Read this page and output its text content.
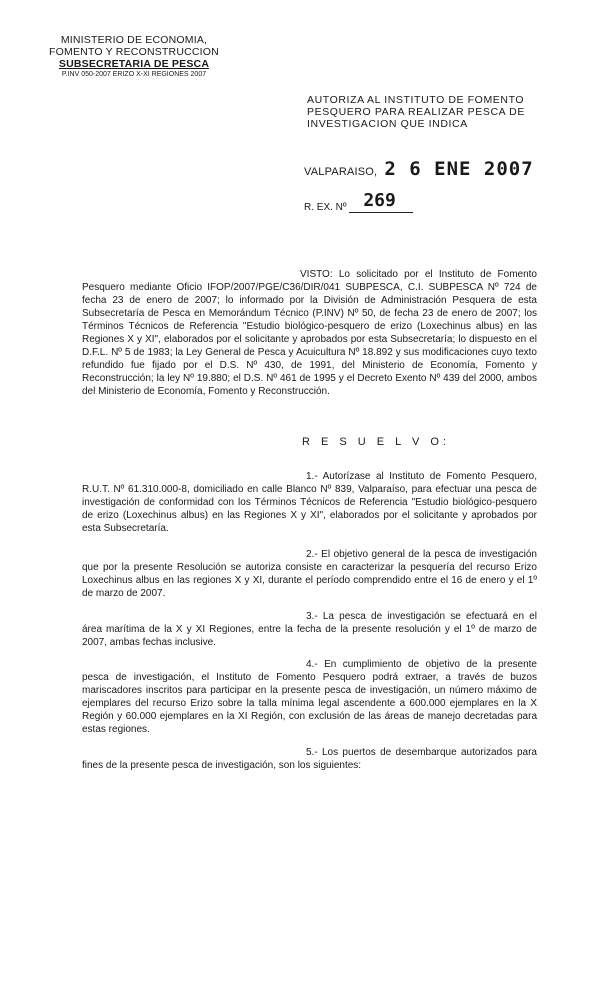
MINISTERIO DE ECONOMIA,
FOMENTO Y RECONSTRUCCION
SUBSECRETARIA DE PESCA
P.INV 050-2007 ERIZO X-XI REGIONES 2007
AUTORIZA AL INSTITUTO DE FOMENTO PESQUERO PARA REALIZAR PESCA DE INVESTIGACION QUE INDICA
VALPARAISO, 2 6 ENE 2007
R. EX. Nº 269
VISTO: Lo solicitado por el Instituto de Fomento Pesquero mediante Oficio IFOP/2007/PGE/C36/DIR/041 SUBPESCA, C.I. SUBPESCA Nº 724 de fecha 23 de enero de 2007; lo informado por la División de Administración Pesquera de esta Subsecretaría de Pesca en Memorándum Técnico (P.INV) Nº 50, de fecha 23 de enero de 2007; los Términos Técnicos de Referencia "Estudio biológico-pesquero de erizo (Loxechinus albus) en las Regiones X y XI", elaborados por el solicitante y aprobados por esta Subsecretaría; lo dispuesto en el D.F.L. Nº 5 de 1983; la Ley General de Pesca y Acuicultura Nº 18.892 y sus modificaciones cuyo texto refundido fue fijado por el D.S. Nº 430, de 1991, del Ministerio de Economía, Fomento y Reconstrucción; la ley Nº 19.880; el D.S. Nº 461 de 1995 y el Decreto Exento Nº 439 del 2000, ambos del Ministerio de Economía, Fomento y Reconstrucción.
R E S U E L V O:
1.- Autorízase al Instituto de Fomento Pesquero, R.U.T. Nº 61.310.000-8, domiciliado en calle Blanco Nº 839, Valparaíso, para efectuar una pesca de investigación de conformidad con los Términos Técnicos de Referencia "Estudio biológico-pesquero de erizo (Loxechinus albus) en las Regiones X y XI", elaborados por el solicitante y aprobados por esta Subsecretaría.
2.- El objetivo general de la pesca de investigación que por la presente Resolución se autoriza consiste en caracterizar la pesquería del recurso Erizo Loxechinus albus en las regiones X y XI, durante el período comprendido entre el 16 de enero y el 1º de marzo de 2007.
3.- La pesca de investigación se efectuará en el área marítima de la X y XI Regiones, entre la fecha de la presente resolución y el 1º de marzo de 2007, ambas fechas inclusive.
4.- En cumplimiento de objetivo de la presente pesca de investigación, el Instituto de Fomento Pesquero podrá extraer, a través de buzos mariscadores inscritos para participar en la presente pesca de investigación, un número máximo de ejemplares del recurso Erizo sobre la talla mínima legal ascendente a 600.000 ejemplares en la X Región y 60.000 ejemplares en la XI Región, con exclusión de las áreas de manejo decretadas para estas regiones.
5.- Los puertos de desembarque autorizados para fines de la presente pesca de investigación, son los siguientes:
